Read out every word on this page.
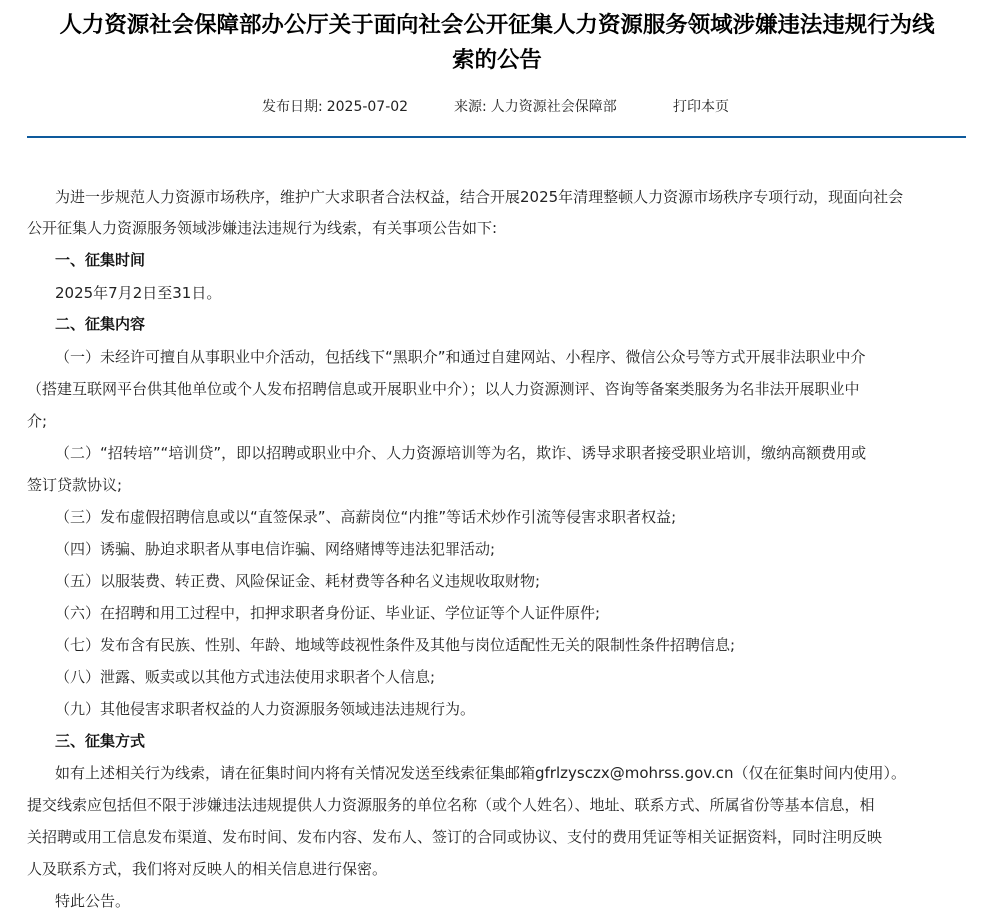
人力资源社会保障部办公厅关于面向社会公开征集人力资源服务领域涉嫌违法违规行为线
索的公告
发布日期: 2025-07-02	来源: 人力资源社会保障部	打印本页
为进一步规范人力资源市场秩序，维护广大求职者合法权益，结合开展2025年清理整顿人力资源市场秩序专项行动，现面向社会
公开征集人力资源服务领域涉嫌违法违规行为线索，有关事项公告如下:
一、征集时间
2025年7月2日至31日。
二、征集内容
（一）未经许可擅自从事职业中介活动，包括线下“黑职介”和通过自建网站、小程序、微信公众号等方式开展非法职业中介
（搭建互联网平台供其他单位或个人发布招聘信息或开展职业中介）；以人力资源测评、咨询等备案类服务为名非法开展职业中
介;
（二）“招转培”“培训贷”，即以招聘或职业中介、人力资源培训等为名，欺诈、诱导求职者接受职业培训，缴纳高额费用或
签订贷款协议;
（三）发布虚假招聘信息或以“直签保录”、高薪岗位“内推”等话术炒作引流等侵害求职者权益;
（四）诱骗、胁迫求职者从事电信诈骗、网络赌博等违法犯罪活动;
（五）以服装费、转正费、风险保证金、耗材费等各种名义违规收取财物;
（六）在招聘和用工过程中，扣押求职者身份证、毕业证、学位证等个人证件原件;
（七）发布含有民族、性别、年龄、地域等歧视性条件及其他与岗位适配性无关的限制性条件招聘信息;
（八）泄露、贩卖或以其他方式违法使用求职者个人信息;
（九）其他侵害求职者权益的人力资源服务领域违法违规行为。
三、征集方式
如有上述相关行为线索，请在征集时间内将有关情况发送至线索征集邮箱gfrlzysczx@mohrss.gov.cn（仅在征集时间内使用）。
提交线索应包括但不限于涉嫌违法违规提供人力资源服务的单位名称（或个人姓名）、地址、联系方式、所属省份等基本信息，相
关招聘或用工信息发布渠道、发布时间、发布内容、发布人、签订的合同或协议、支付的费用凭证等相关证据资料，同时注明反映
人及联系方式，我们将对反映人的相关信息进行保密。
特此公告。
